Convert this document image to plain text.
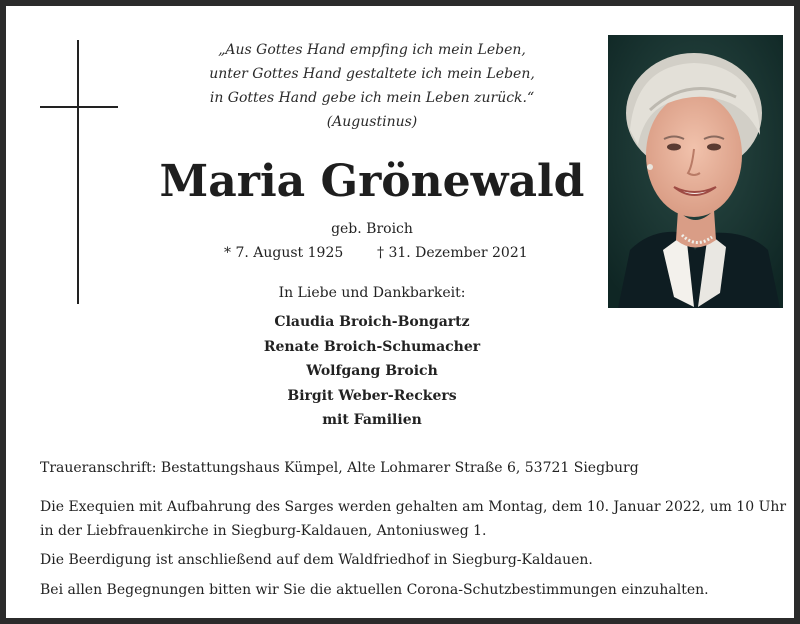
„Aus Gottes Hand empfing ich mein Leben,
unter Gottes Hand gestaltete ich mein Leben,
in Gottes Hand gebe ich mein Leben zurück.“
(Augustinus)
Maria Grönewald
geb. Broich
* 7. August 1925 † 31. Dezember 2021
In Liebe und Dankbarkeit:
Claudia Broich-Bongartz
Renate Broich-Schumacher
Wolfgang Broich
Birgit Weber-Reckers
mit Familien
Traueranschrift: Bestattungshaus Kümpel, Alte Lohmarer Straße 6, 53721 Siegburg
Die Exequien mit Aufbahrung des Sarges werden gehalten am Montag, dem 10. Januar 2022, um 10 Uhr
in der Liebfrauenkirche in Siegburg-Kaldauen, Antoniusweg 1.
Die Beerdigung ist anschließend auf dem Waldfriedhof in Siegburg-Kaldauen.
Bei allen Begegnungen bitten wir Sie die aktuellen Corona-Schutzbestimmungen einzuhalten.
